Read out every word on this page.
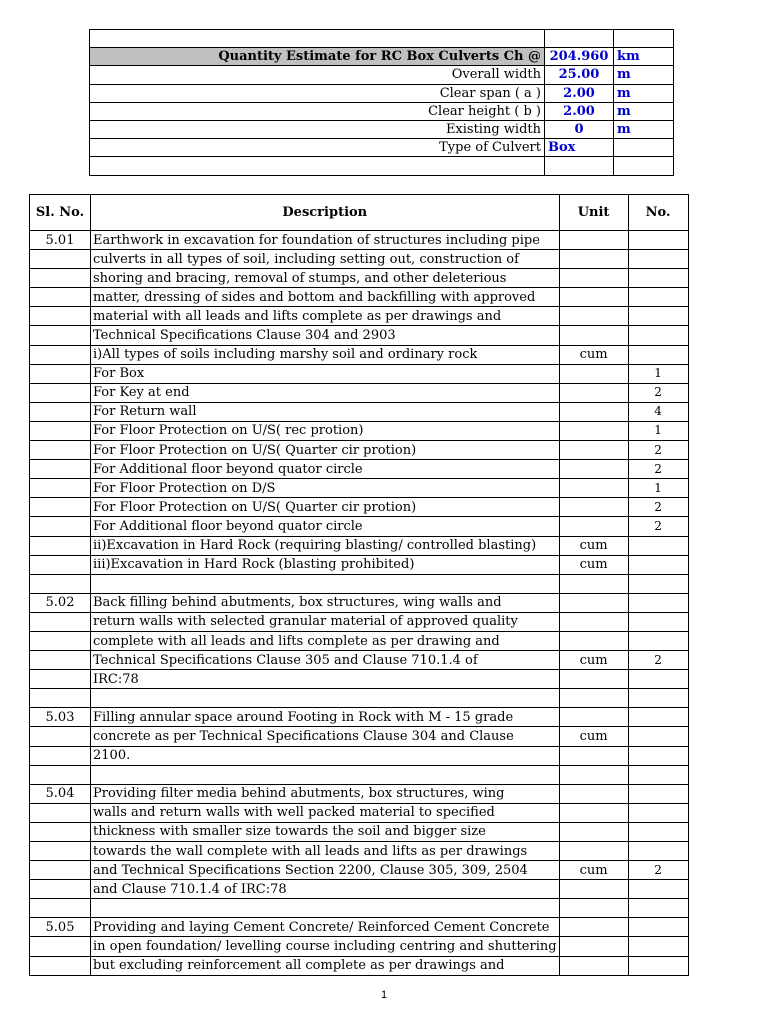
Quantity Estimate for RC Box Culverts Ch @	204.960	km
Overall width	25.00	m
Clear span ( a )	2.00	m
Clear height ( b )	2.00	m
Existing width	0	m
Type of Culvert	Box	

Sl. No.	Description	Unit	No.
5.01	Earthwork in excavation for foundation of structures including pipe		
	culverts in all types of soil, including setting out, construction of		
	shoring and bracing, removal of stumps, and other deleterious		
	matter, dressing of sides and bottom and backfilling with approved		
	material with all leads and lifts complete as per drawings and		
	Technical Specifications Clause 304 and 2903		
	i)All types of soils including marshy soil and ordinary rock	cum	
	For Box		1
	For Key at end		2
	For Return wall		4
	For Floor Protection on U/S( rec protion)		1
	For Floor Protection on U/S( Quarter cir protion)		2
	For Additional floor beyond quator circle		2
	For Floor Protection on D/S		1
	For Floor Protection on U/S( Quarter cir protion)		2
	For Additional floor beyond quator circle		2
	ii)Excavation in Hard Rock (requiring blasting/ controlled blasting)	cum	
	iii)Excavation in Hard Rock (blasting prohibited)	cum	

5.02	Back filling behind abutments, box structures, wing walls and		
	return walls with selected granular material of approved quality		
	complete with all leads and lifts complete as per drawing and		
	Technical Specifications Clause 305 and Clause 710.1.4 of	cum	2
	IRC:78		

5.03	Filling annular space around Footing in Rock with M - 15 grade		
	concrete as per Technical Specifications Clause 304 and Clause	cum	
	2100.		

5.04	Providing filter media behind abutments, box structures, wing		
	walls and return walls with well packed material to specified		
	thickness with smaller size towards the soil and bigger size		
	towards the wall complete with all leads and lifts as per drawings		
	and Technical Specifications Section 2200, Clause 305, 309, 2504	cum	2
	and Clause 710.1.4 of IRC:78		

5.05	Providing and laying Cement Concrete/ Reinforced Cement Concrete		
	in open foundation/ levelling course including centring and shuttering		
	but excluding reinforcement all complete as per drawings and		
1
